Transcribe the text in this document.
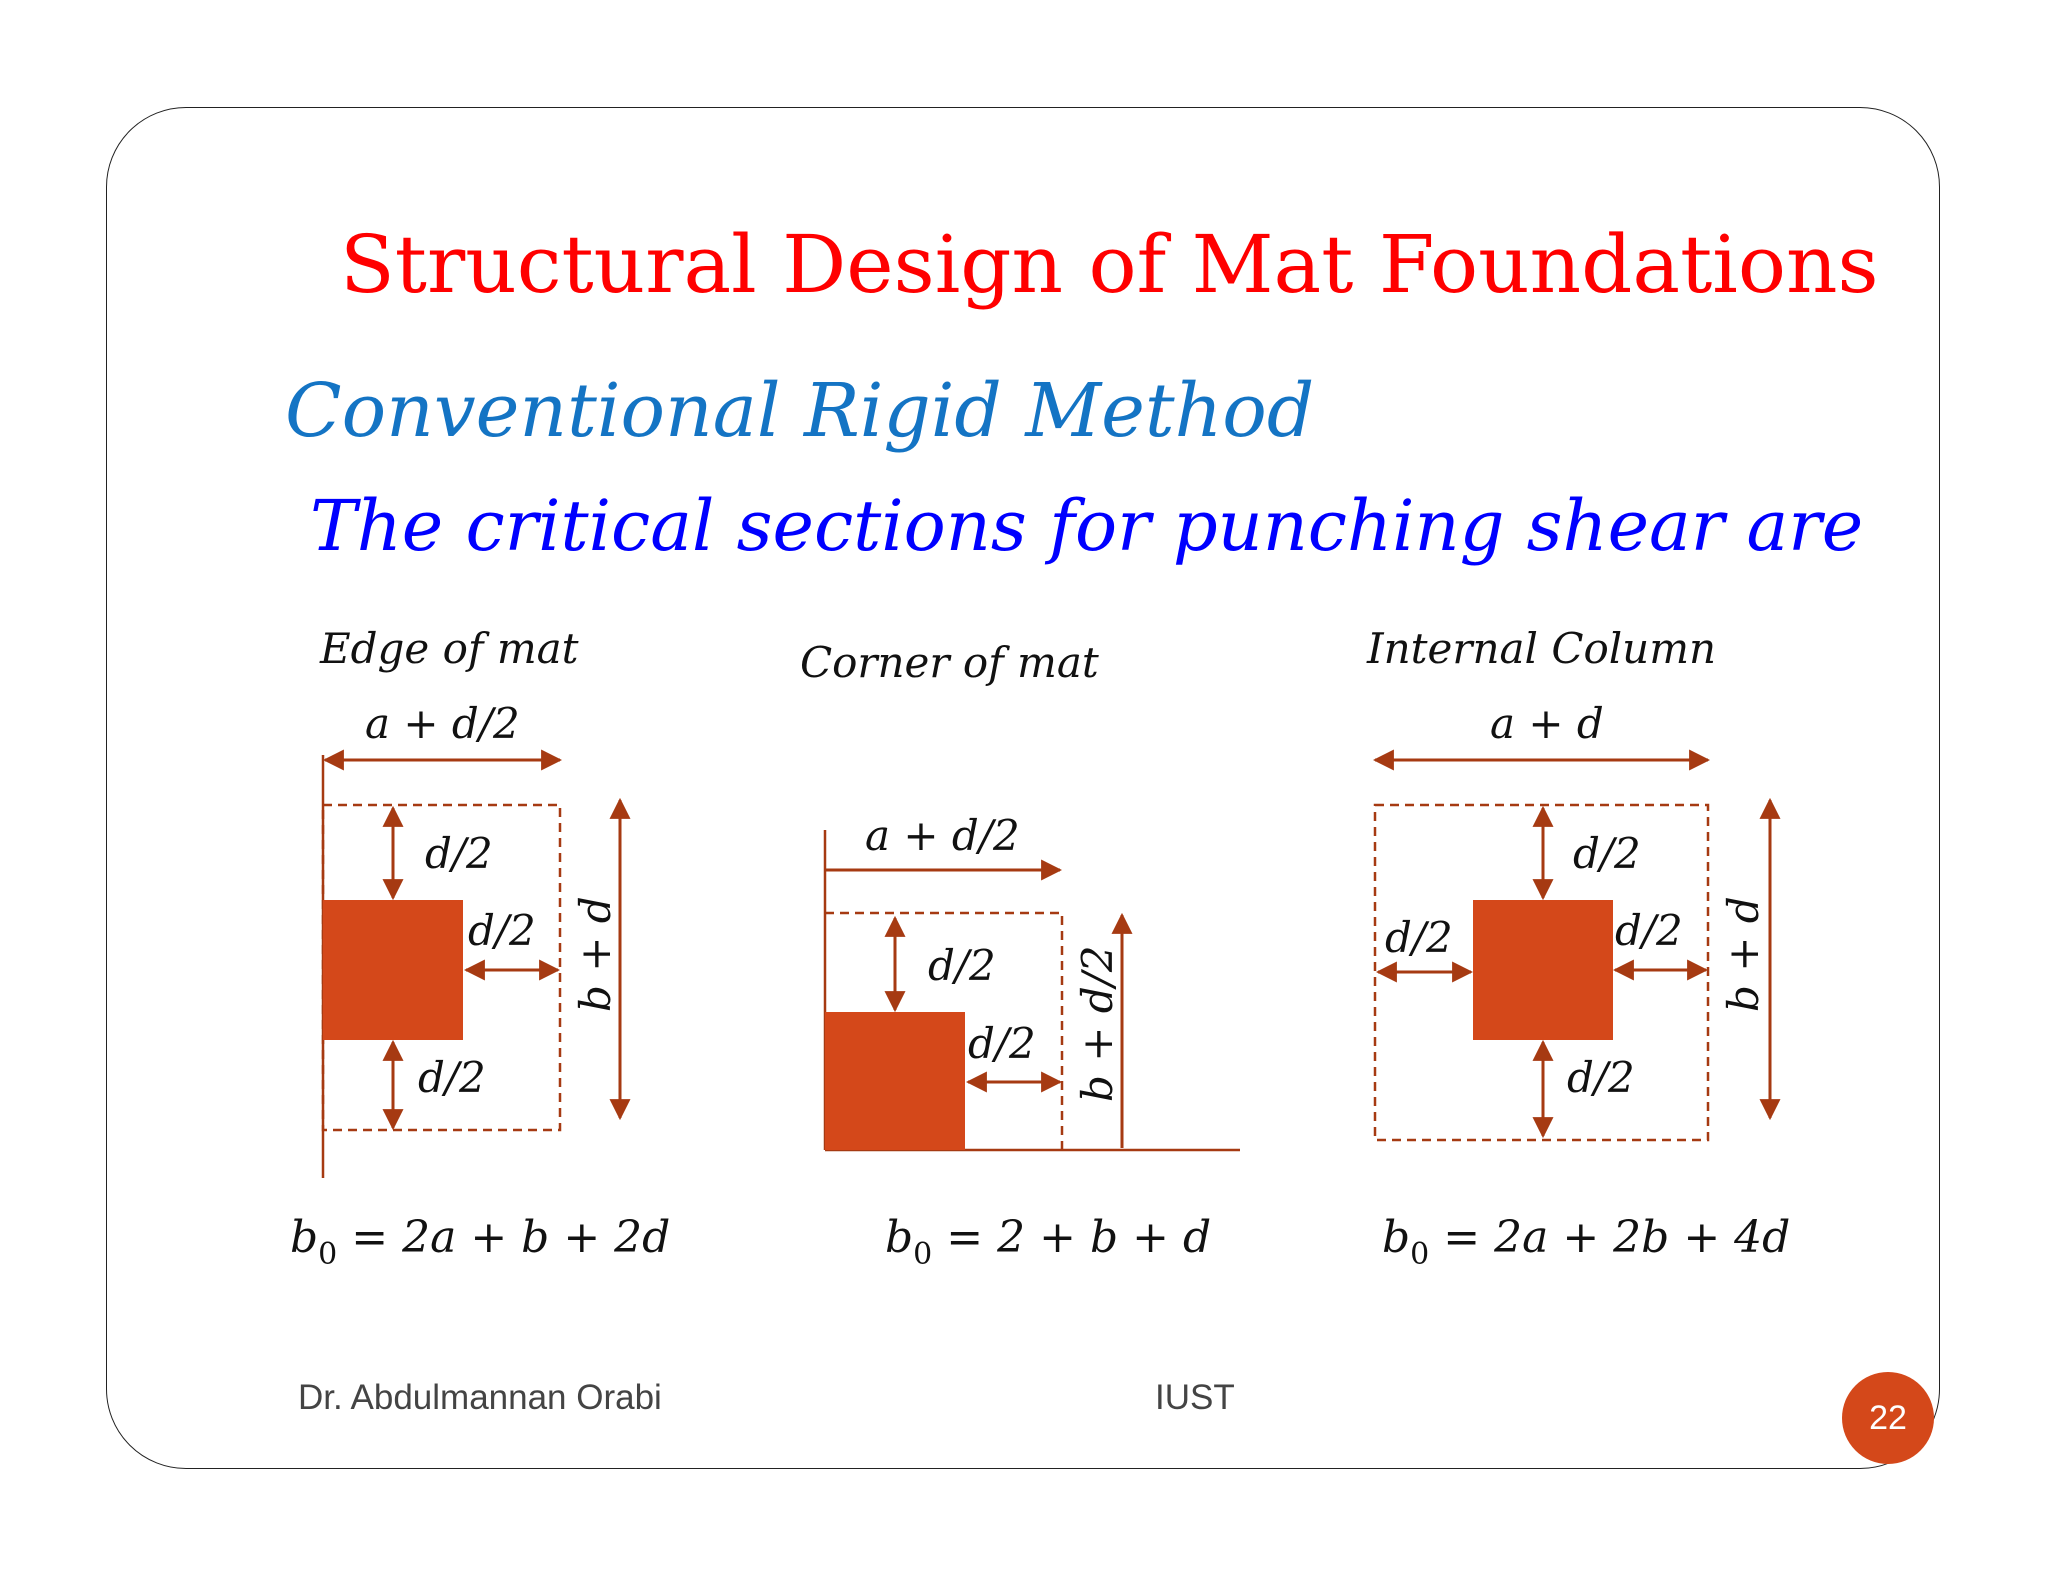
Structural Design of Mat Foundations
Conventional Rigid Method
The critical sections for punching shear are
Edge of mat
a + d/2
d/2
d/2
d/2
b + d
$b_0 = 2a + b + 2d$
Corner of mat
a + d/2
d/2
d/2 b + d/2
$b_0 = 2 + b + d$
Internal Column
a + d
d/2
d/2	d/2
d/2
b + d
$b_0 = 2a + 2b + 4d$
Dr. Abdulmannan Orabi	IUST
22
